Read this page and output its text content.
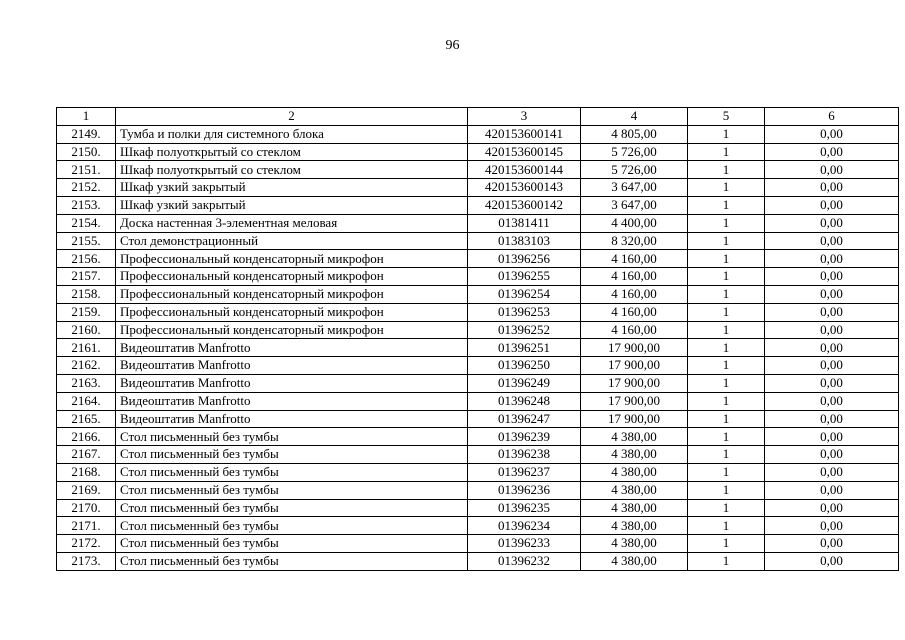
96
1	2	3	4	5	6
2149.	Тумба и полки для системного блока	420153600141	4 805,00	1	0,00
2150.	Шкаф полуоткрытый со стеклом	420153600145	5 726,00	1	0,00
2151.	Шкаф полуоткрытый со стеклом	420153600144	5 726,00	1	0,00
2152.	Шкаф узкий закрытый	420153600143	3 647,00	1	0,00
2153.	Шкаф узкий закрытый	420153600142	3 647,00	1	0,00
2154.	Доска настенная 3-элементная меловая	01381411	4 400,00	1	0,00
2155.	Стол демонстрационный	01383103	8 320,00	1	0,00
2156.	Профессиональный конденсаторный микрофон	01396256	4 160,00	1	0,00
2157.	Профессиональный конденсаторный микрофон	01396255	4 160,00	1	0,00
2158.	Профессиональный конденсаторный микрофон	01396254	4 160,00	1	0,00
2159.	Профессиональный конденсаторный микрофон	01396253	4 160,00	1	0,00
2160.	Профессиональный конденсаторный микрофон	01396252	4 160,00	1	0,00
2161.	Видеоштатив Manfrotto	01396251	17 900,00	1	0,00
2162.	Видеоштатив Manfrotto	01396250	17 900,00	1	0,00
2163.	Видеоштатив Manfrotto	01396249	17 900,00	1	0,00
2164.	Видеоштатив Manfrotto	01396248	17 900,00	1	0,00
2165.	Видеоштатив Manfrotto	01396247	17 900,00	1	0,00
2166.	Стол письменный без тумбы	01396239	4 380,00	1	0,00
2167.	Стол письменный без тумбы	01396238	4 380,00	1	0,00
2168.	Стол письменный без тумбы	01396237	4 380,00	1	0,00
2169.	Стол письменный без тумбы	01396236	4 380,00	1	0,00
2170.	Стол письменный без тумбы	01396235	4 380,00	1	0,00
2171.	Стол письменный без тумбы	01396234	4 380,00	1	0,00
2172.	Стол письменный без тумбы	01396233	4 380,00	1	0,00
2173.	Стол письменный без тумбы	01396232	4 380,00	1	0,00
